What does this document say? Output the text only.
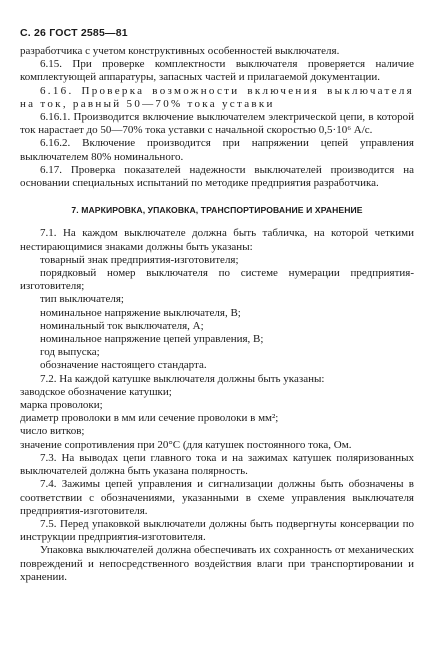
С. 26 ГОСТ 2585—81

разработчика с учетом конструктивных особенностей выключателя.

6.15. При проверке комплектности выключателя проверяется наличие комплектующей аппаратуры, запасных частей и прилагаемой документации.

6.16. Проверка возможности включения выключателя на ток, равный 50—70% тока уставки

6.16.1. Производится включение выключателем электрической цепи, в которой ток нарастает до 50—70% тока уставки с начальной скоростью 0,5·10⁶ А/с.

6.16.2. Включение производится при напряжении цепей управления выключателем 80% номинального.

6.17. Проверка показателей надежности выключателей производится на основании специальных испытаний по методике предприятия разработчика.

7. МАРКИРОВКА, УПАКОВКА, ТРАНСПОРТИРОВАНИЕ И ХРАНЕНИЕ

7.1. На каждом выключателе должна быть табличка, на которой четкими нестирающимися знаками должны быть указаны:

товарный знак предприятия-изготовителя;

порядковый номер выключателя по системе нумерации предприятия-изготовителя;

тип выключателя;

номинальное напряжение выключателя, В;

номинальный ток выключателя, А;

номинальное напряжение цепей управления, В;

год выпуска;

обозначение настоящего стандарта.

7.2. На каждой катушке выключателя должны быть указаны:

заводское обозначение катушки;

марка проволоки;

диаметр проволоки в мм или сечение проволоки в мм²;

число витков;

значение сопротивления при 20°С (для катушек постоянного тока, Ом.

7.3. На выводах цепи главного тока и на зажимах катушек поляризованных выключателей должна быть указана полярность.

7.4. Зажимы цепей управления и сигнализации должны быть обозначены в соответствии с обозначениями, указанными в схеме управления выключателя предприятия-изготовителя.

7.5. Перед упаковкой выключатели должны быть подвергнуты консервации по инструкции предприятия-изготовителя.

Упаковка выключателей должна обеспечивать их сохранность от механических повреждений и непосредственного воздействия влаги при транспортировании и хранении.
